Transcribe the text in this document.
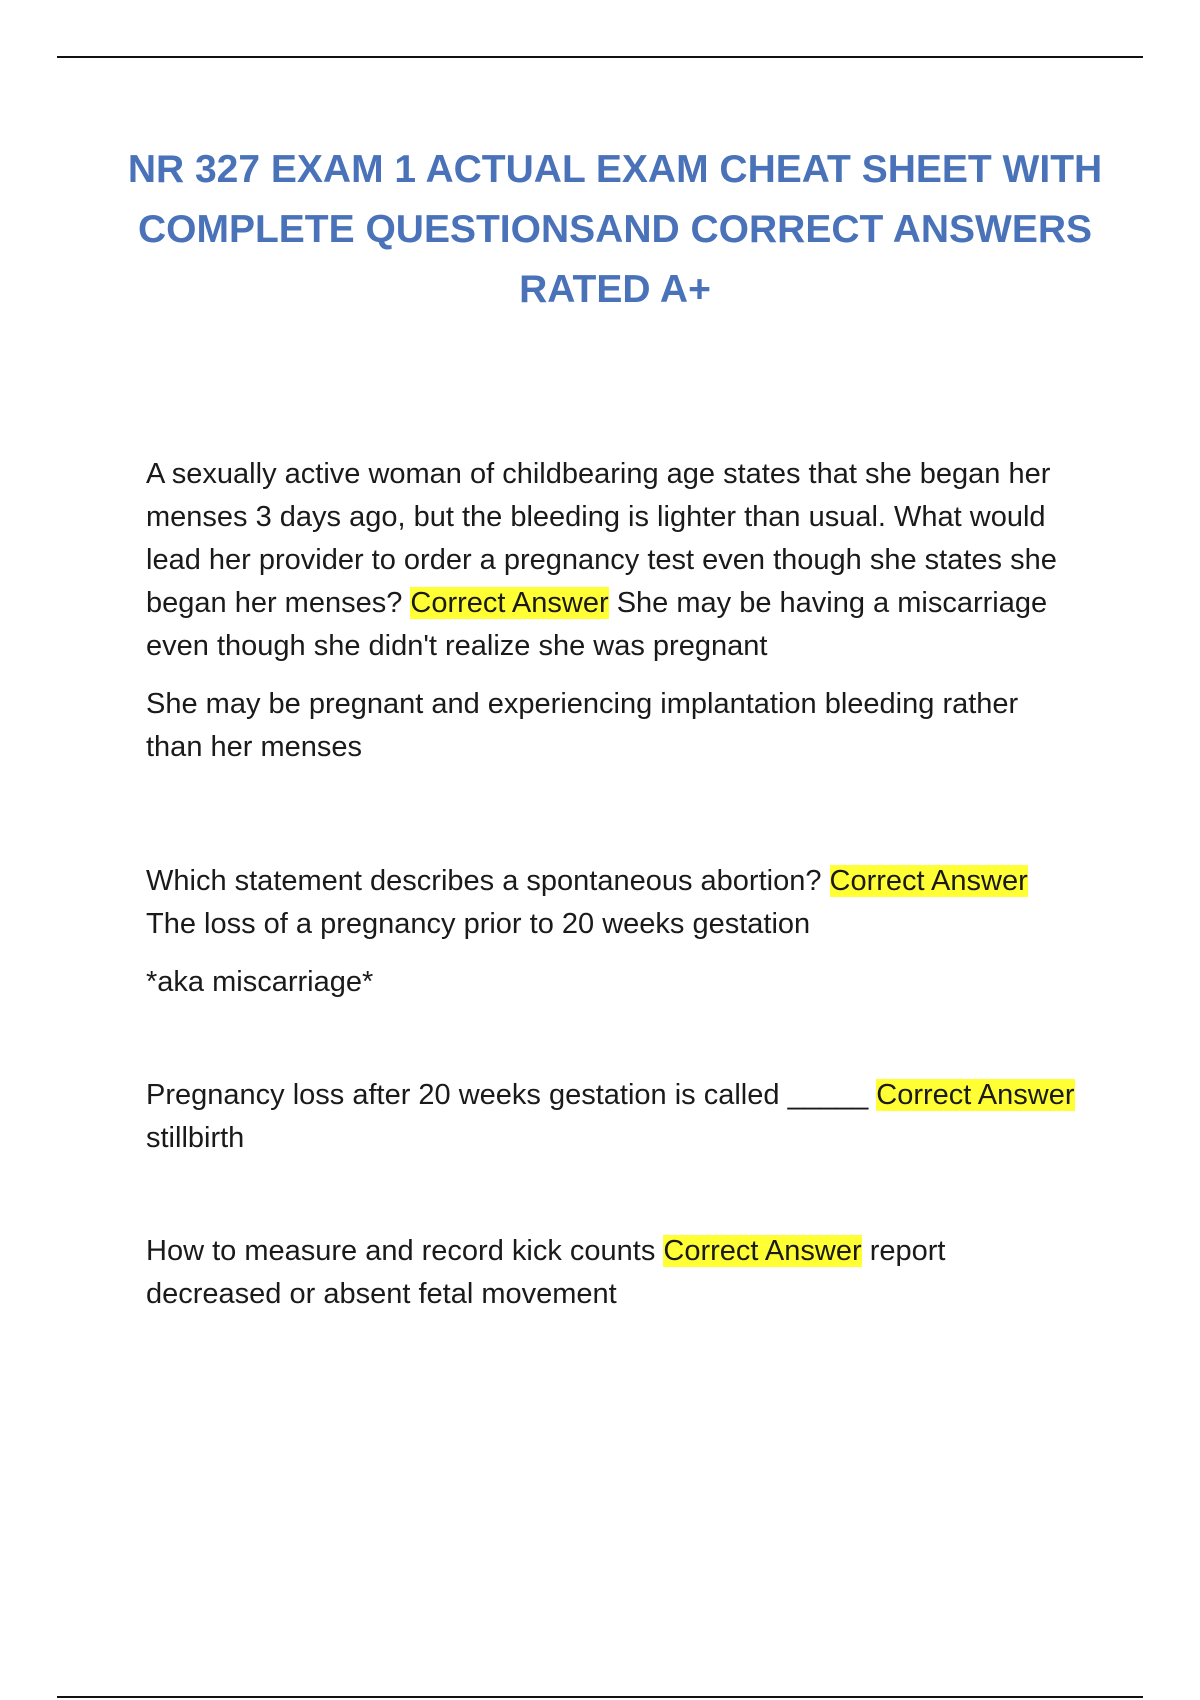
NR 327 EXAM 1 ACTUAL EXAM CHEAT SHEET WITH COMPLETE QUESTIONSAND CORRECT ANSWERS RATED A+

A sexually active woman of childbearing age states that she began her menses 3 days ago, but the bleeding is lighter than usual. What would lead her provider to order a pregnancy test even though she states she began her menses? Correct Answer She may be having a miscarriage even though she didn't realize she was pregnant

She may be pregnant and experiencing implantation bleeding rather than her menses

Which statement describes a spontaneous abortion? Correct Answer The loss of a pregnancy prior to 20 weeks gestation

*aka miscarriage*

Pregnancy loss after 20 weeks gestation is called _____ Correct Answer stillbirth

How to measure and record kick counts Correct Answer report decreased or absent fetal movement
